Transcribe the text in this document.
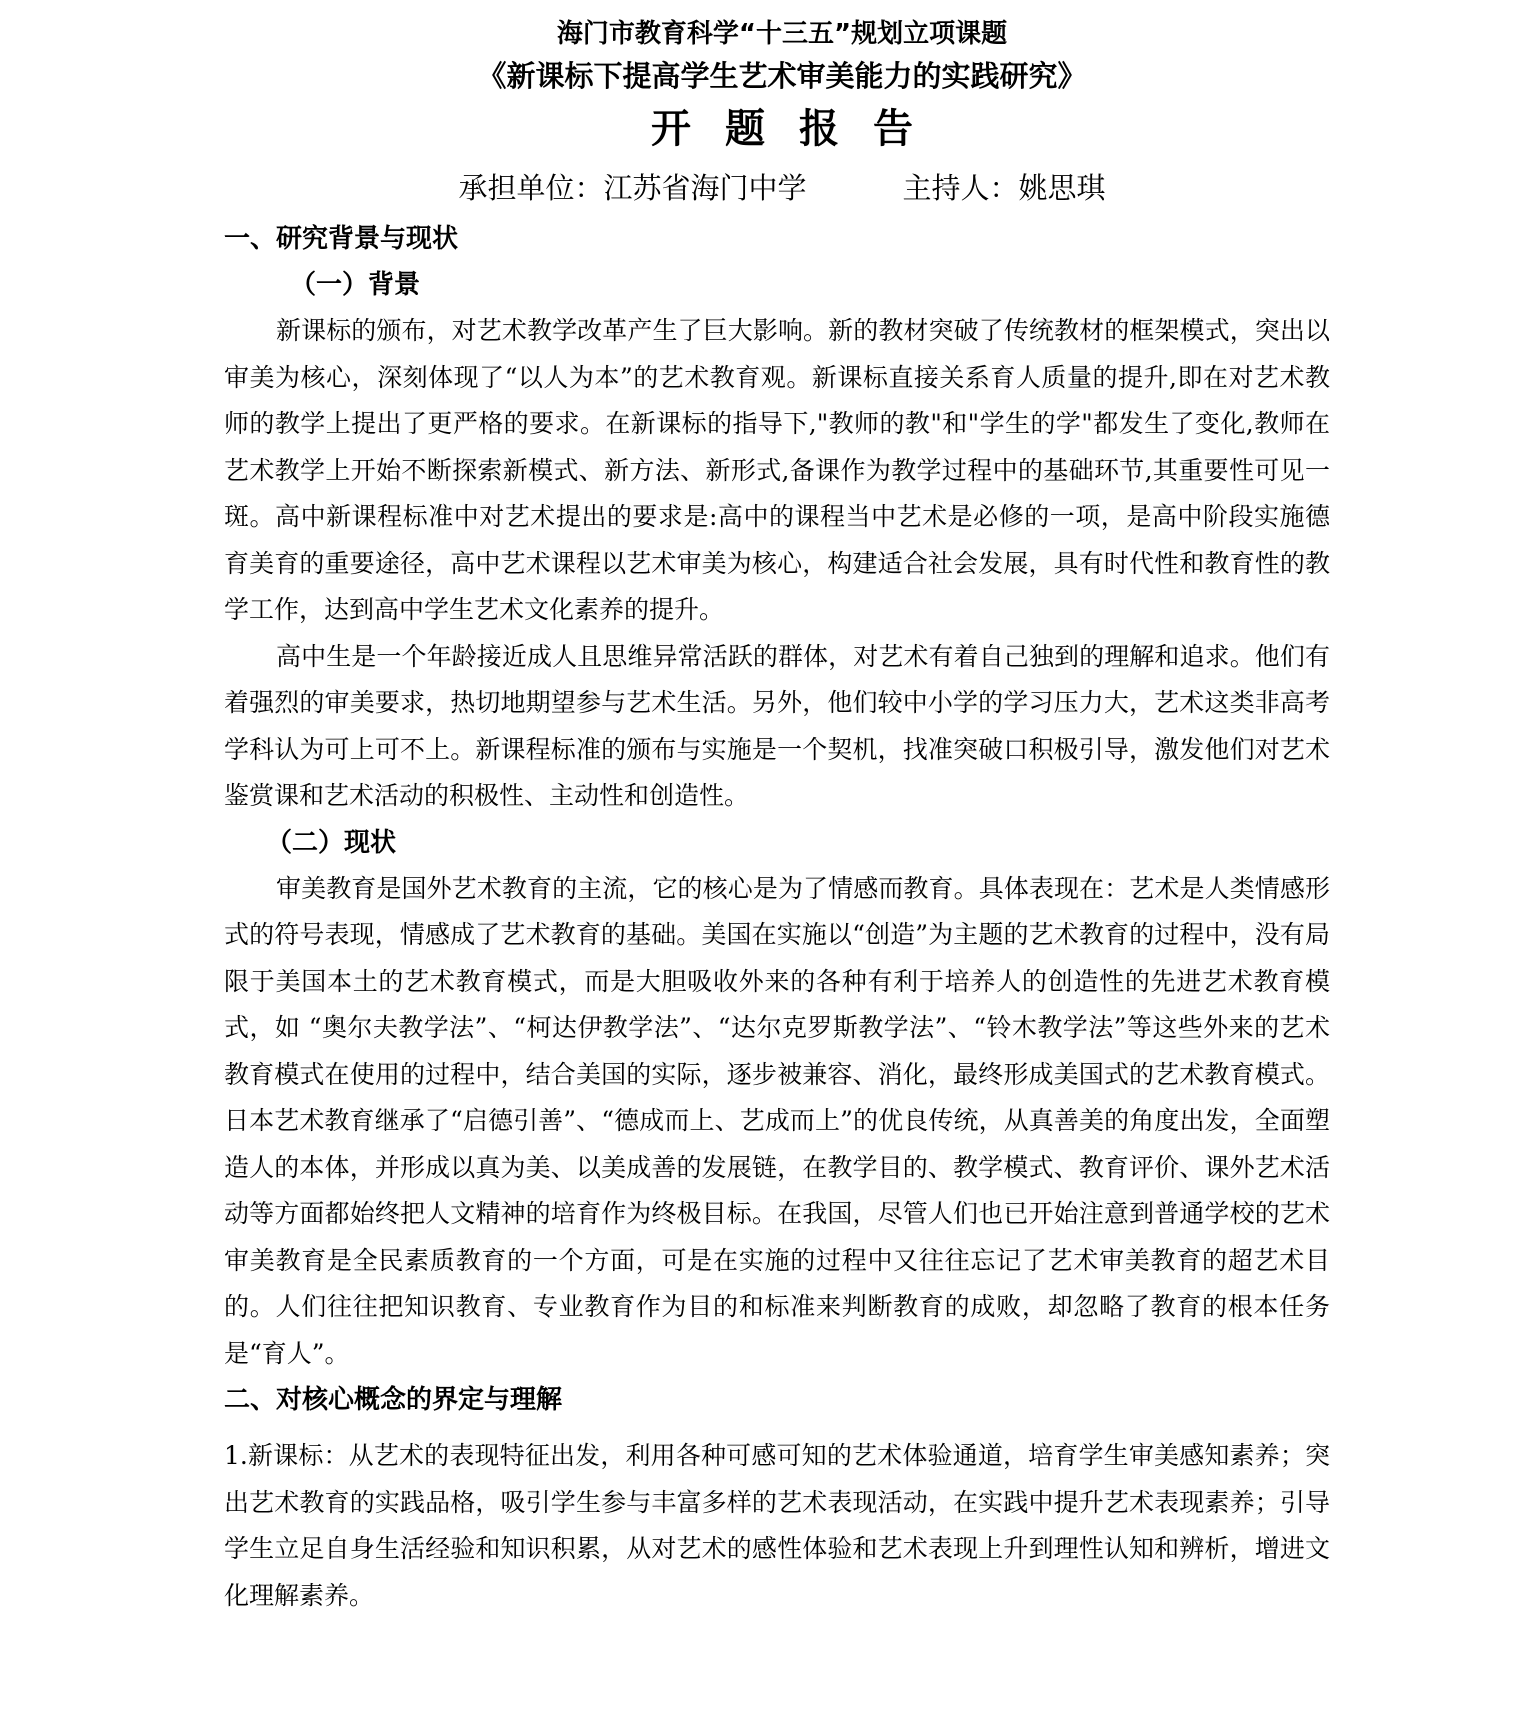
海门市教育科学“十三五”规划立项课题

《新课标下提高学生艺术审美能力的实践研究》

开题报告

承担单位：江苏省海门中学	主持人：姚思琪

一、研究背景与现状

（一）背景

新课标的颁布，对艺术教学改革产生了巨大影响。新的教材突破了传统教材的框架模式，突出以审美为核心，深刻体现了“以人为本”的艺术教育观。新课标直接关系育人质量的提升,即在对艺术教师的教学上提出了更严格的要求。在新课标的指导下,"教师的教"和"学生的学"都发生了变化,教师在艺术教学上开始不断探索新模式、新方法、新形式,备课作为教学过程中的基础环节,其重要性可见一斑。高中新课程标准中对艺术提出的要求是:高中的课程当中艺术是必修的一项，是高中阶段实施德育美育的重要途径，高中艺术课程以艺术审美为核心，构建适合社会发展，具有时代性和教育性的教学工作，达到高中学生艺术文化素养的提升。

高中生是一个年龄接近成人且思维异常活跃的群体，对艺术有着自己独到的理解和追求。他们有着强烈的审美要求，热切地期望参与艺术生活。另外，他们较中小学的学习压力大，艺术这类非高考学科认为可上可不上。新课程标准的颁布与实施是一个契机，找准突破口积极引导，激发他们对艺术鉴赏课和艺术活动的积极性、主动性和创造性。

（二）现状

审美教育是国外艺术教育的主流，它的核心是为了情感而教育。具体表现在：艺术是人类情感形式的符号表现，情感成了艺术教育的基础。美国在实施以“创造”为主题的艺术教育的过程中，没有局限于美国本土的艺术教育模式，而是大胆吸收外来的各种有利于培养人的创造性的先进艺术教育模式，如 “奥尔夫教学法”、“柯达伊教学法”、“达尔克罗斯教学法”、“铃木教学法”等这些外来的艺术教育模式在使用的过程中，结合美国的实际，逐步被兼容、消化，最终形成美国式的艺术教育模式。日本艺术教育继承了“启德引善”、“德成而上、艺成而上”的优良传统，从真善美的角度出发，全面塑造人的本体，并形成以真为美、以美成善的发展链，在教学目的、教学模式、教育评价、课外艺术活动等方面都始终把人文精神的培育作为终极目标。在我国，尽管人们也已开始注意到普通学校的艺术审美教育是全民素质教育的一个方面，可是在实施的过程中又往往忘记了艺术审美教育的超艺术目的。人们往往把知识教育、专业教育作为目的和标准来判断教育的成败，却忽略了教育的根本任务是“育人”。

二、对核心概念的界定与理解

1.新课标：从艺术的表现特征出发，利用各种可感可知的艺术体验通道，培育学生审美感知素养；突出艺术教育的实践品格，吸引学生参与丰富多样的艺术表现活动，在实践中提升艺术表现素养；引导学生立足自身生活经验和知识积累，从对艺术的感性体验和艺术表现上升到理性认知和辨析，增进文化理解素养。
